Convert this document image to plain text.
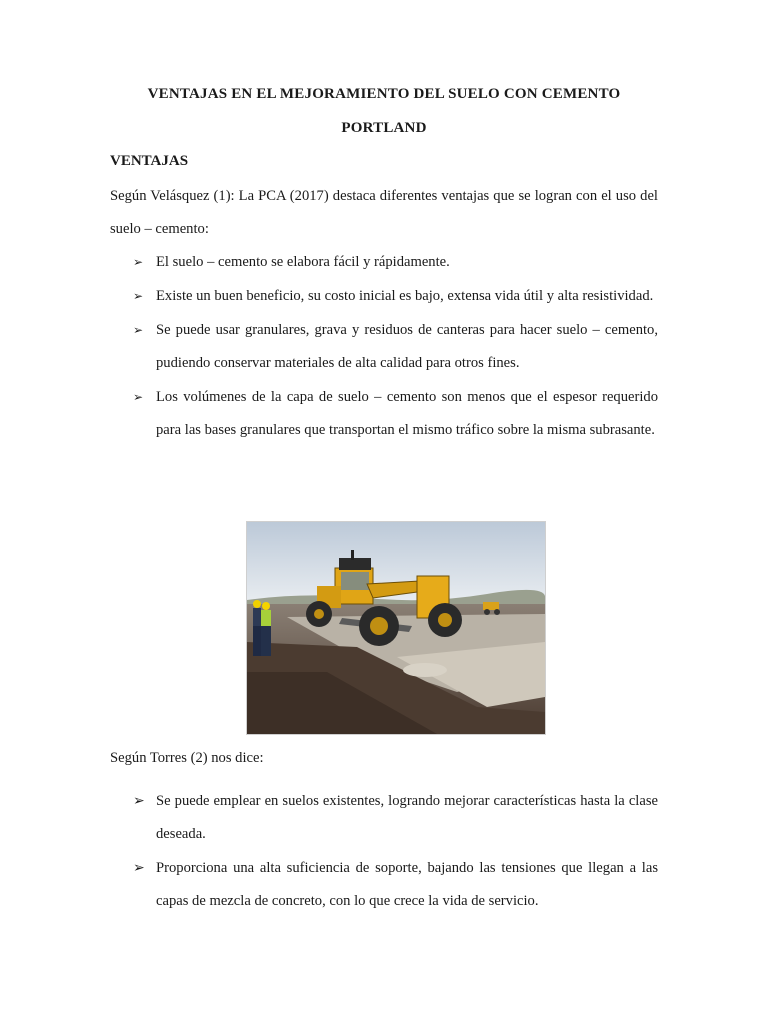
VENTAJAS EN EL MEJORAMIENTO DEL SUELO CON CEMENTO
PORTLAND
VENTAJAS

Según Velásquez (1): La PCA (2017) destaca diferentes ventajas que se logran con el uso del suelo – cemento:

➢ El suelo – cemento se elabora fácil y rápidamente.
➢ Existe un buen beneficio, su costo inicial es bajo, extensa vida útil y alta resistividad.
➢ Se puede usar granulares, grava y residuos de canteras para hacer suelo – cemento, pudiendo conservar materiales de alta calidad para otros fines.
➢ Los volúmenes de la capa de suelo – cemento son menos que el espesor requerido para las bases granulares que transportan el mismo tráfico sobre la misma subrasante.

Según Torres (2) nos dice:

➢ Se puede emplear en suelos existentes, logrando mejorar características hasta la clase deseada.
➢ Proporciona una alta suficiencia de soporte, bajando las tensiones que llegan a las capas de mezcla de concreto, con lo que crece la vida de servicio.
